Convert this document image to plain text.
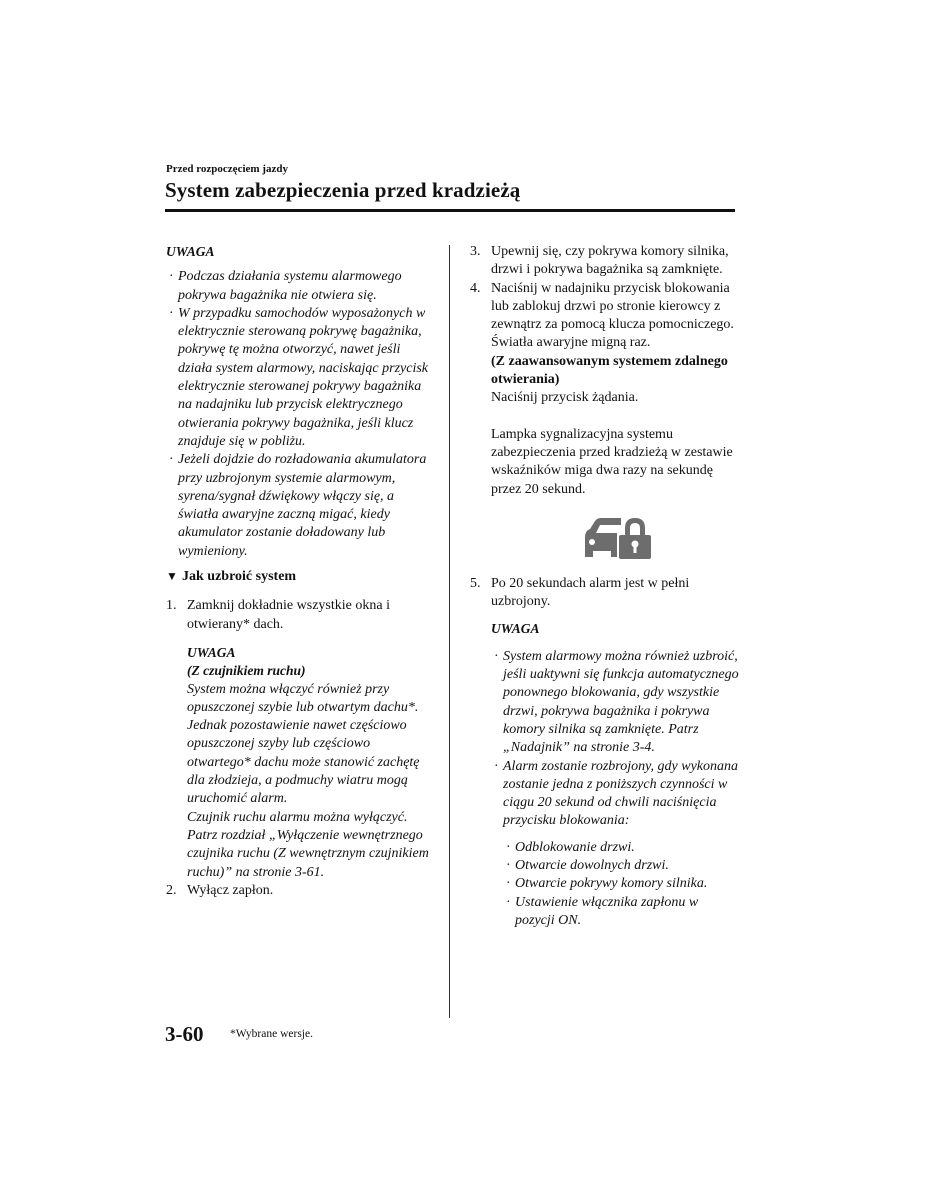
Przed rozpoczęciem jazdy
System zabezpieczenia przed kradzieżą

UWAGA

· Podczas działania systemu alarmowego pokrywa bagażnika nie otwiera się.
· W przypadku samochodów wyposażonych w elektrycznie sterowaną pokrywę bagażnika, pokrywę tę można otworzyć, nawet jeśli działa system alarmowy, naciskając przycisk elektrycznie sterowanej pokrywy bagażnika na nadajniku lub przycisk elektrycznego otwierania pokrywy bagażnika, jeśli klucz znajduje się w pobliżu.
· Jeżeli dojdzie do rozładowania akumulatora przy uzbrojonym systemie alarmowym, syrena/sygnał dźwiękowy włączy się, a światła awaryjne zaczną migać, kiedy akumulator zostanie doładowany lub wymieniony.
▼ Jak uzbroić system
1. Zamknij dokładnie wszystkie okna i otwierany* dach.

UWAGA

(Z czujnikiem ruchu)

System można włączyć również przy opuszczonej szybie lub otwartym dachu*. Jednak pozostawienie nawet częściowo opuszczonej szyby lub częściowo otwartego* dachu może stanowić zachętę dla złodzieja, a podmuchy wiatru mogą uruchomić alarm.

Czujnik ruchu alarmu można wyłączyć. Patrz rozdział „Wyłączenie wewnętrznego czujnika ruchu (Z wewnętrznym czujnikiem ruchu)” na stronie 3-61.

2. Wyłącz zapłon.
3. Upewnij się, czy pokrywa komory silnika, drzwi i pokrywa bagażnika są zamknięte.
4. Naciśnij w nadajniku przycisk blokowania lub zablokuj drzwi po stronie kierowcy z zewnątrz za pomocą klucza pomocniczego.

Światła awaryjne migną raz.

(Z zaawansowanym systemem zdalnego otwierania)

Naciśnij przycisk żądania.

Lampka sygnalizacyjna systemu zabezpieczenia przed kradzieżą w zestawie wskaźników miga dwa razy na sekundę przez 20 sekund.

5. Po 20 sekundach alarm jest w pełni uzbrojony.

UWAGA

· System alarmowy można również uzbroić, jeśli uaktywni się funkcja automatycznego ponownego blokowania, gdy wszystkie drzwi, pokrywa bagażnika i pokrywa komory silnika są zamknięte. Patrz „Nadajnik” na stronie 3-4.
· Alarm zostanie rozbrojony, gdy wykonana zostanie jedna z poniższych czynności w ciągu 20 sekund od chwili naciśnięcia przycisku blokowania:
· Odblokowanie drzwi.
· Otwarcie dowolnych drzwi.
· Otwarcie pokrywy komory silnika.
· Ustawienie włącznika zapłonu w pozycji ON.
3-60 *Wybrane wersje.
